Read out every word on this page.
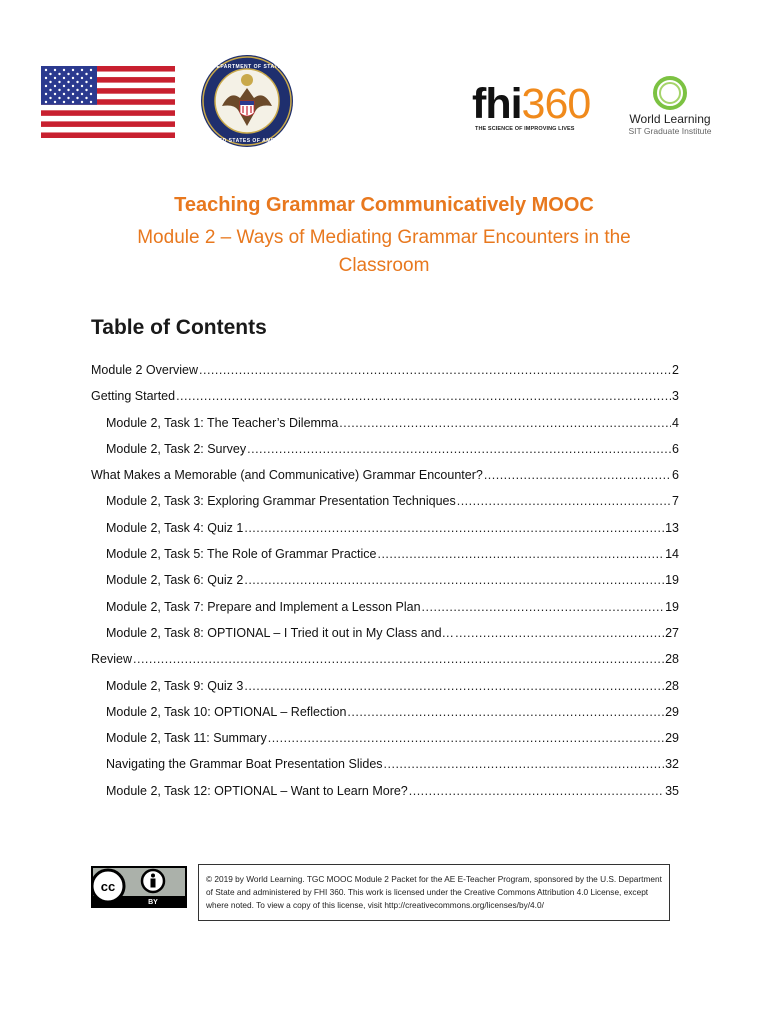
DEPARTMENT OF STATE
UNITED STATES OF AMERICA
fhi360
THE SCIENCE OF IMPROVING LIVES
World Learning
SIT Graduate Institute
Teaching Grammar Communicatively MOOC
Module 2 – Ways of Mediating Grammar Encounters in the Classroom
Table of Contents
Module 2 Overview .....	2
Getting Started .....	3
Module 2, Task 1: The Teacher’s Dilemma .....	4
Module 2, Task 2: Survey .....	6
What Makes a Memorable (and Communicative) Grammar Encounter? .....	6
Module 2, Task 3: Exploring Grammar Presentation Techniques .....	7
Module 2, Task 4: Quiz 1 .....	13
Module 2, Task 5: The Role of Grammar Practice .....	14
Module 2, Task 6: Quiz 2 .....	19
Module 2, Task 7: Prepare and Implement a Lesson Plan .....	19
Module 2, Task 8: OPTIONAL – I Tried it out in My Class and… .....	27
Review .....	28
Module 2, Task 9: Quiz 3 .....	28
Module 2, Task 10: OPTIONAL – Reflection .....	29
Module 2, Task 11: Summary .....	29
Navigating the Grammar Boat Presentation Slides .....	32
Module 2, Task 12: OPTIONAL – Want to Learn More? .....	35
cc
BY
© 2019 by World Learning. TGC MOOC Module 2 Packet for the AE E-Teacher Program, sponsored by the U.S. Department of State and administered by FHI 360. This work is licensed under the Creative Commons Attribution 4.0 License, except where noted. To view a copy of this license, visit http://creativecommons.org/licenses/by/4.0/
